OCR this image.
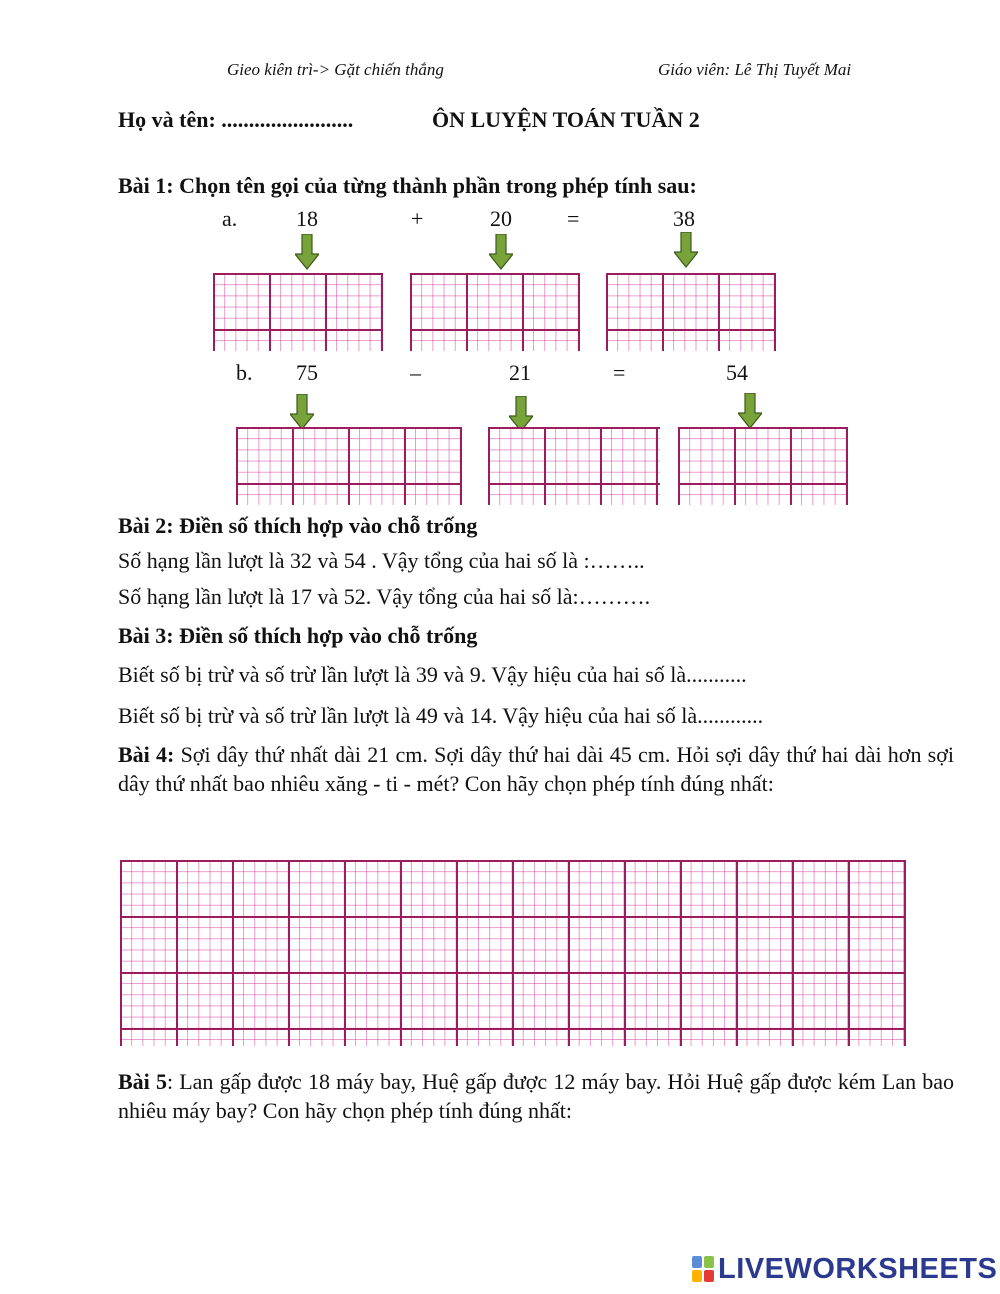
Gieo kiên trì-> Gặt chiến thắng	Giáo viên: Lê Thị Tuyết Mai
Họ và tên: ........................	ÔN LUYỆN TOÁN TUẦN 2
Bài 1: Chọn tên gọi của từng thành phần trong phép tính sau:
a.	18	+	20	=	38
b. 75	–	21	=	54
Bài 2: Điền số thích hợp vào chỗ trống
Số hạng lần lượt là 32 và 54 . Vậy tổng của hai số là :……..
Số hạng lần lượt là 17 và 52. Vậy tổng của hai số là:……….
Bài 3: Điền số thích hợp vào chỗ trống
Biết số bị trừ và số trừ lần lượt là 39 và 9. Vậy hiệu của hai số là...........
Biết số bị trừ và số trừ lần lượt là 49 và 14. Vậy hiệu của hai số là............
Bài 4: Sợi dây thứ nhất dài 21 cm. Sợi dây thứ hai dài 45 cm. Hỏi sợi dây thứ hai dài hơn sợi dây thứ nhất bao nhiêu xăng - ti - mét? Con hãy chọn phép tính đúng nhất:
Bài 5: Lan gấp được 18 máy bay, Huệ gấp được 12 máy bay. Hỏi Huệ gấp được kém Lan bao nhiêu máy bay? Con hãy chọn phép tính đúng nhất:
LIVEWORKSHEETS
